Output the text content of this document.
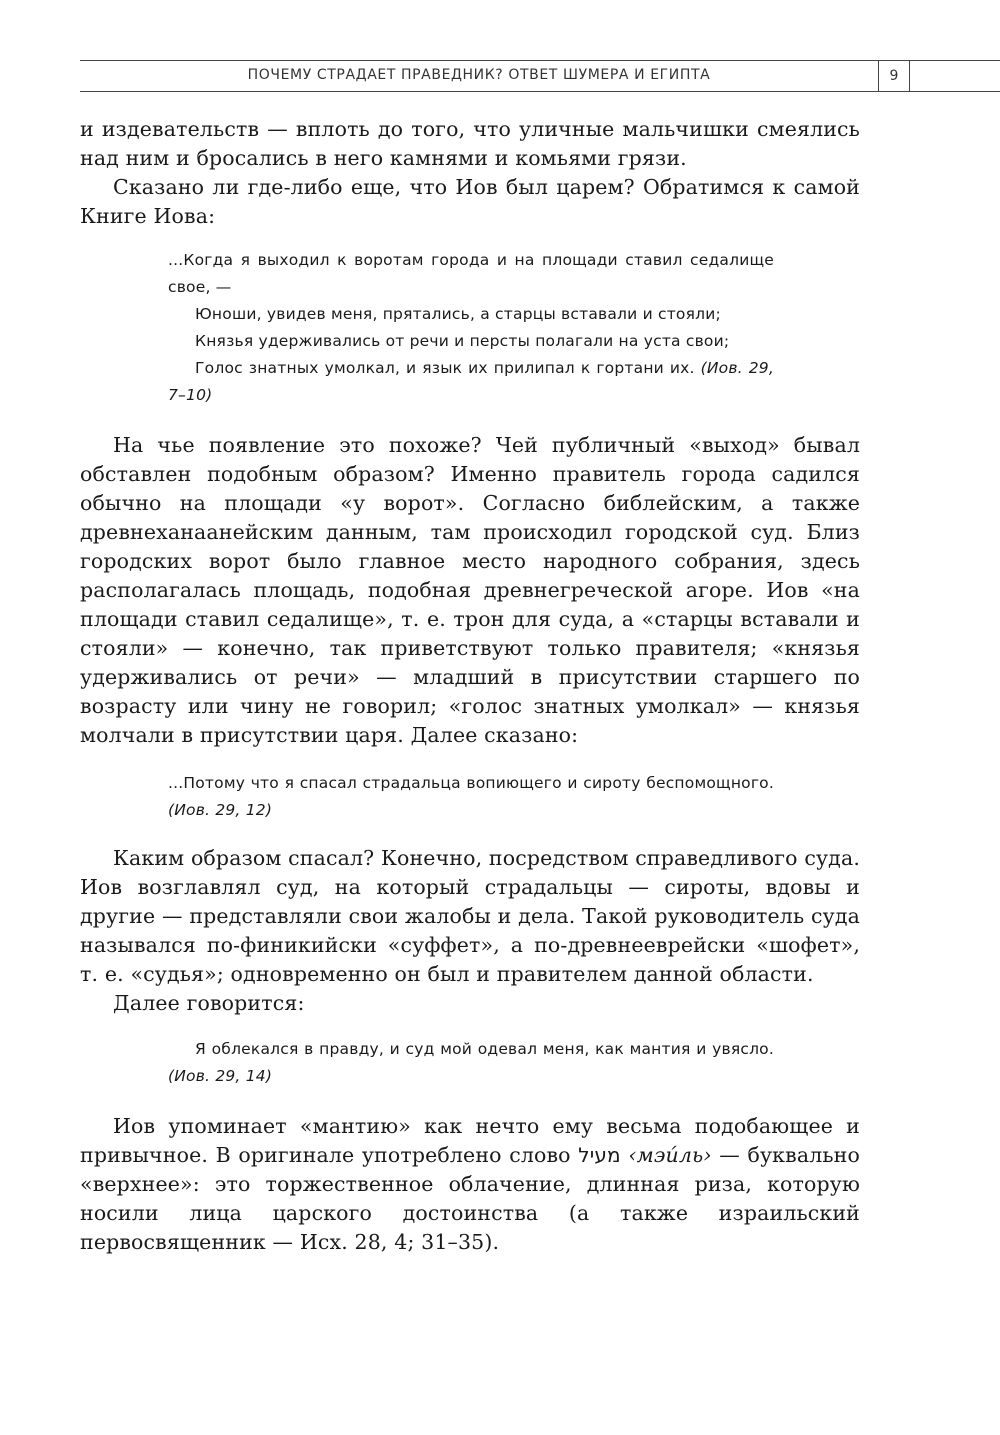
ПОЧЕМУ СТРАДАЕТ ПРАВЕДНИК? ОТВЕТ ШУМЕРА И ЕГИПТА	9

и издевательств — вплоть до того, что уличные мальчишки смеялись над ним и бросались в него камнями и комьями грязи.

Сказано ли где-либо еще, что Иов был царем? Обратимся к самой Книге Иова:

...Когда я выходил к воротам города и на площади ставил седалище свое, —
Юноши, увидев меня, прятались, а старцы вставали и стояли;
Князья удерживались от речи и персты полагали на уста свои;
Голос знатных умолкал, и язык их прилипал к гортани их. (Иов. 29, 7–10)

На чье появление это похоже? Чей публичный «выход» бывал обставлен подобным образом? Именно правитель города садился обычно на площади «у ворот». Согласно библейским, а также древнеханаанейским данным, там происходил городской суд. Близ городских ворот было главное место народного собрания, здесь располагалась площадь, подобная древнегреческой агоре. Иов «на площади ставил седалище», т. е. трон для суда, а «старцы вставали и стояли» — конечно, так приветствуют только правителя; «князья удерживались от речи» — младший в присутствии старшего по возрасту или чину не говорил; «голос знатных умолкал» — князья молчали в присутствии царя. Далее сказано:

...Потому что я спасал страдальца вопиющего и сироту беспомощного. (Иов. 29, 12)

Каким образом спасал? Конечно, посредством справедливого суда. Иов возглавлял суд, на который страдальцы — сироты, вдовы и другие — представляли свои жалобы и дела. Такой руководитель суда назывался по-финикийски «суффет», а по-древнееврейски «шофет», т. е. «судья»; одновременно он был и правителем данной области.

Далее говорится:

Я облекался в правду, и суд мой одевал меня, как мантия и увясло. (Иов. 29, 14)

Иов упоминает «мантию» как нечто ему весьма подобающее и привычное. В оригинале употреблено слово מעיל ‹мэи́ль› — буквально «верхнее»: это торжественное облачение, длинная риза, которую носили лица царского достоинства (а также израильский первосвященник — Исх. 28, 4; 31–35).
